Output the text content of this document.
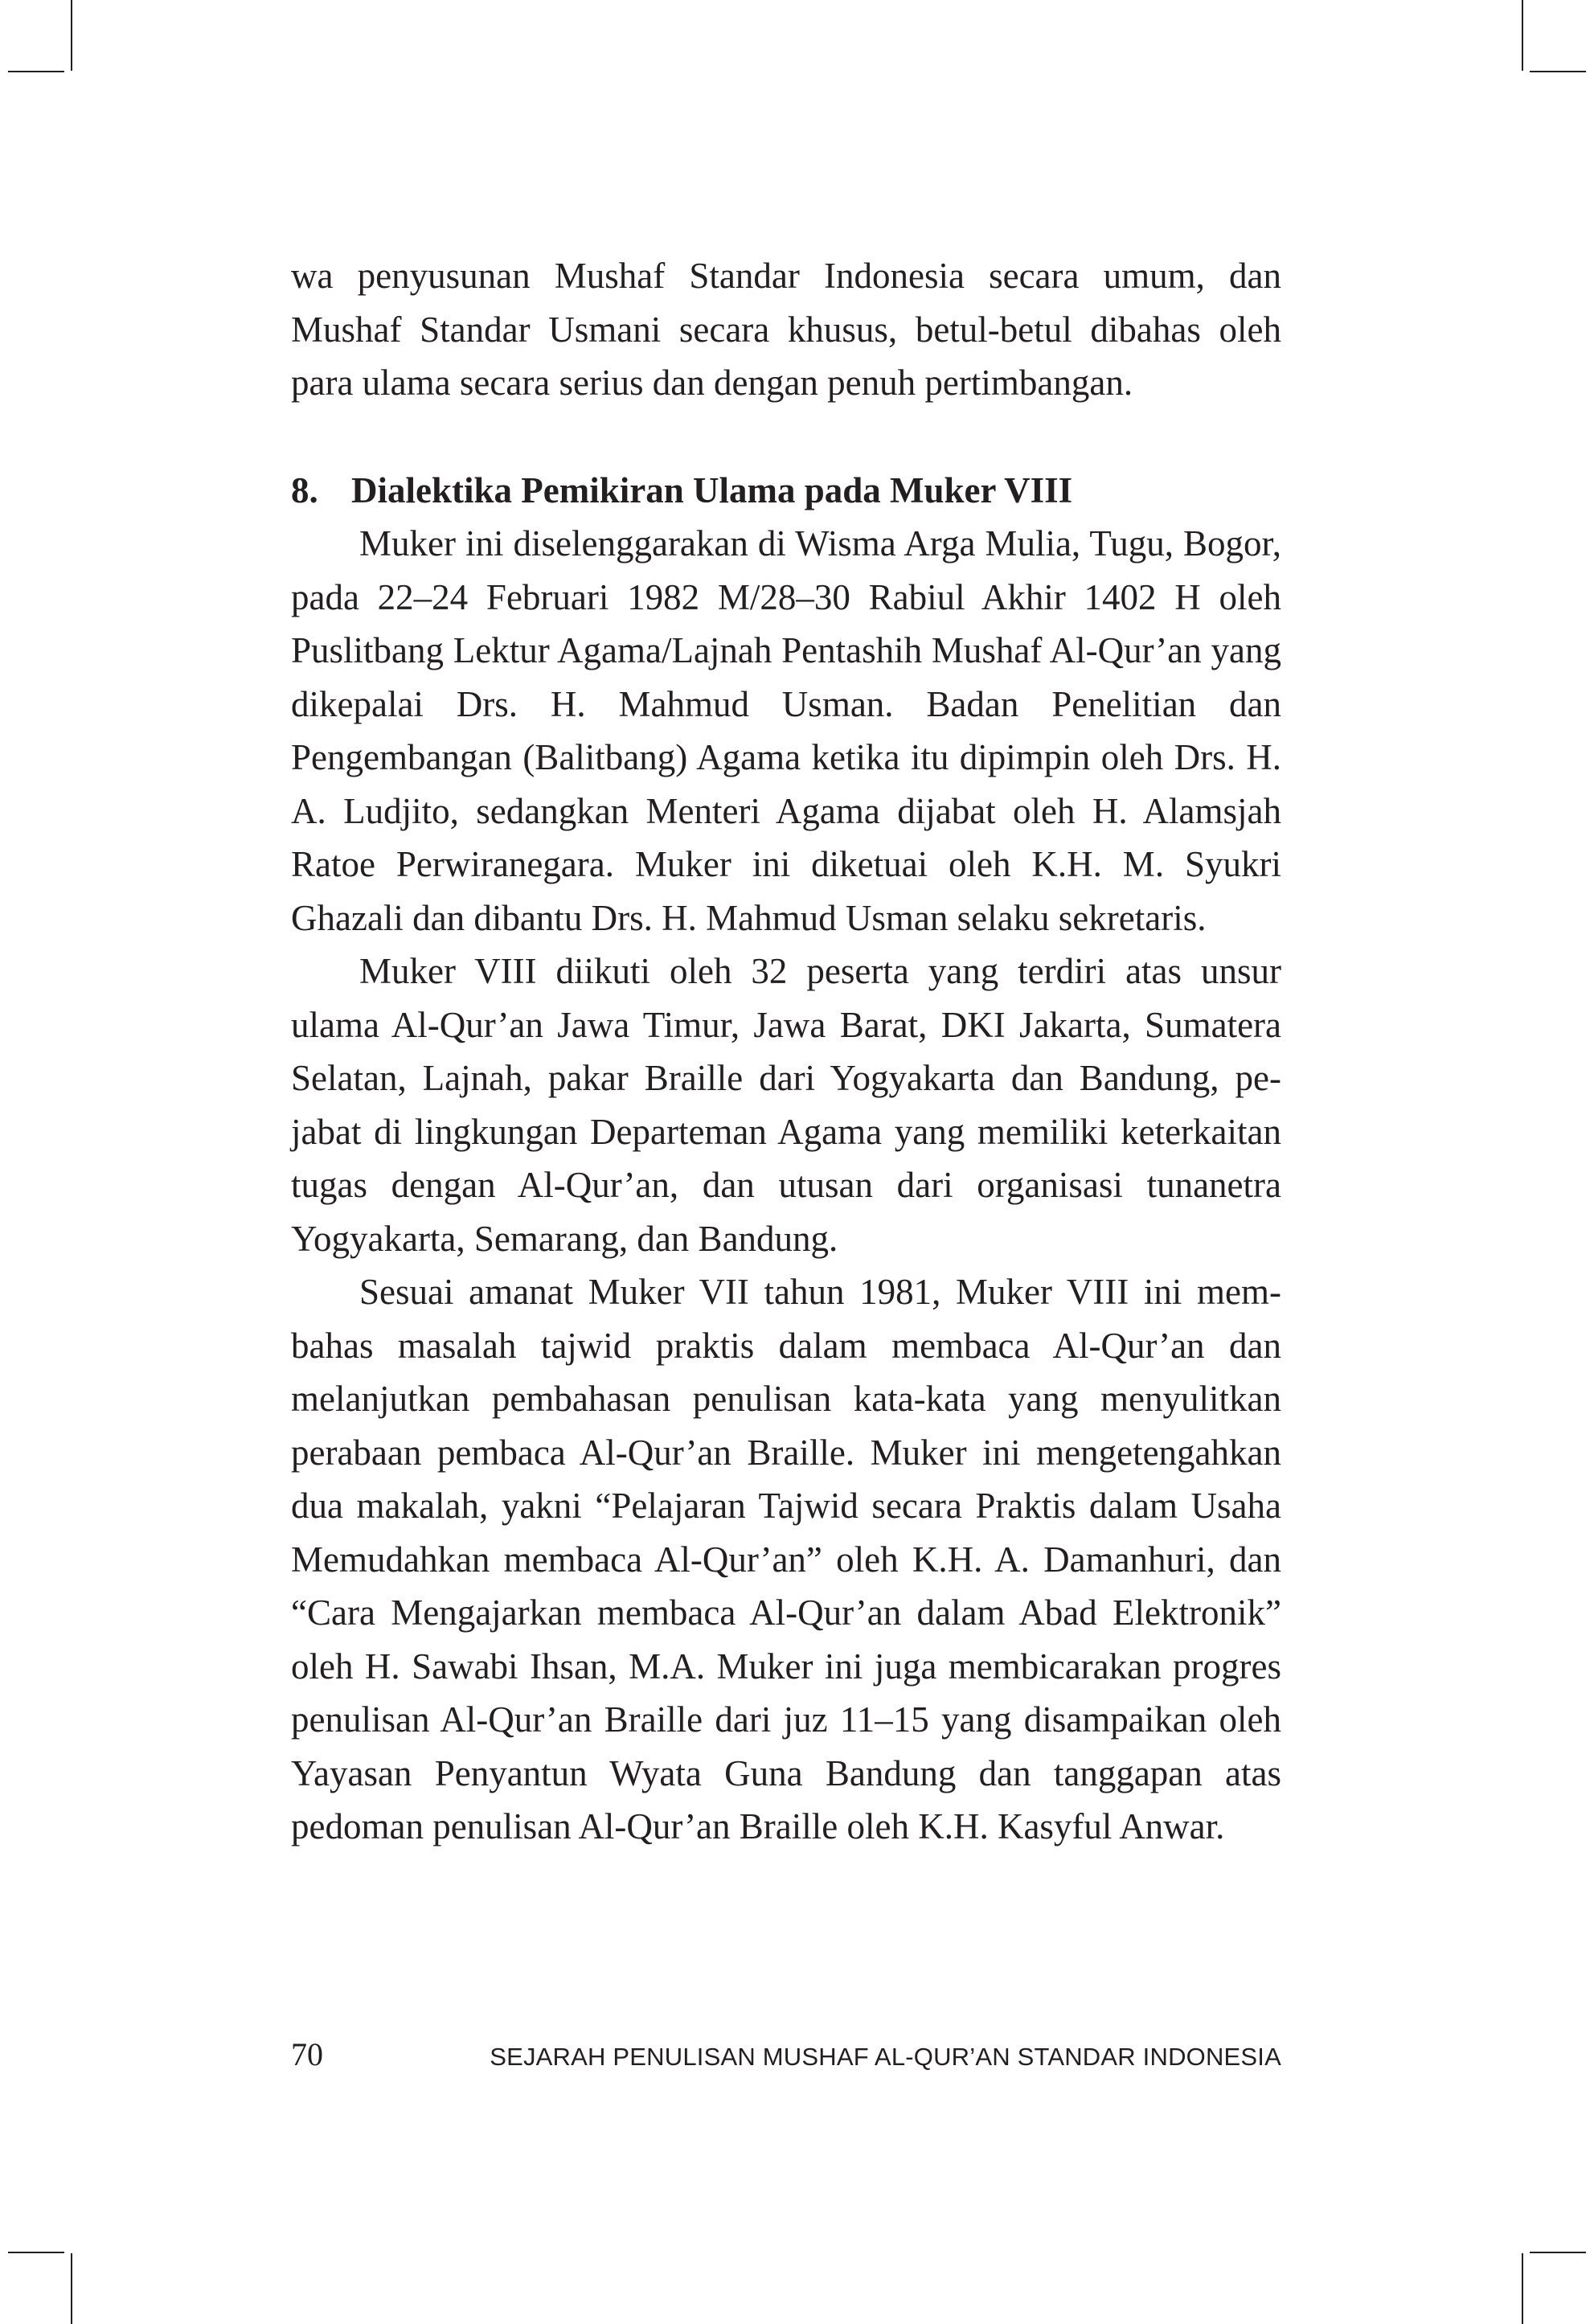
wa penyusunan Mushaf Standar Indonesia secara umum, dan Mushaf Standar Usmani secara khusus, betul-betul dibahas oleh para ulama secara serius dan dengan penuh pertimbangan.

8. Dialektika Pemikiran Ulama pada Muker VIII

Muker ini diselenggarakan di Wisma Arga Mulia, Tugu, Bogor, pada 22–24 Februari 1982 M/28–30 Rabiul Akhir 1402 H oleh Puslitbang Lektur Agama/Lajnah Pentashih Mushaf Al-Qur’an yang dikepalai Drs. H. Mahmud Usman. Badan Penelitian dan Pengembangan (Balitbang) Agama ketika itu dipimpin oleh Drs. H. A. Ludjito, sedangkan Menteri Agama dijabat oleh H. Alamsjah Ratoe Perwiranegara. Muker ini diketuai oleh K.H. M. Syukri Ghazali dan dibantu Drs. H. Mahmud Usman selaku sekretaris.

Muker VIII diikuti oleh 32 peserta yang terdiri atas unsur ulama Al-Qur’an Jawa Timur, Jawa Barat, DKI Jakarta, Sumatera Selatan, Lajnah, pakar Braille dari Yogyakarta dan Bandung, pejabat di lingkungan Departeman Agama yang memiliki keterkaitan tugas dengan Al-Qur’an, dan utusan dari organisasi tunanetra Yogyakarta, Semarang, dan Bandung.

Sesuai amanat Muker VII tahun 1981, Muker VIII ini membahas masalah tajwid praktis dalam membaca Al-Qur’an dan melanjutkan pembahasan penulisan kata-kata yang menyulitkan perabaan pembaca Al-Qur’an Braille. Muker ini mengetengahkan dua makalah, yakni “Pelajaran Tajwid secara Praktis dalam Usaha Memudahkan membaca Al-Qur’an” oleh K.H. A. Damanhuri, dan “Cara Mengajarkan membaca Al-Qur’an dalam Abad Elektronik” oleh H. Sawabi Ihsan, M.A. Muker ini juga membicarakan progres penulisan Al-Qur’an Braille dari juz 11–15 yang disampaikan oleh Yayasan Penyantun Wyata Guna Bandung dan tanggapan atas pedoman penulisan Al-Qur’an Braille oleh K.H. Kasyful Anwar.

70	SEJARAH PENULISAN MUSHAF AL-QUR’AN STANDAR INDONESIA
